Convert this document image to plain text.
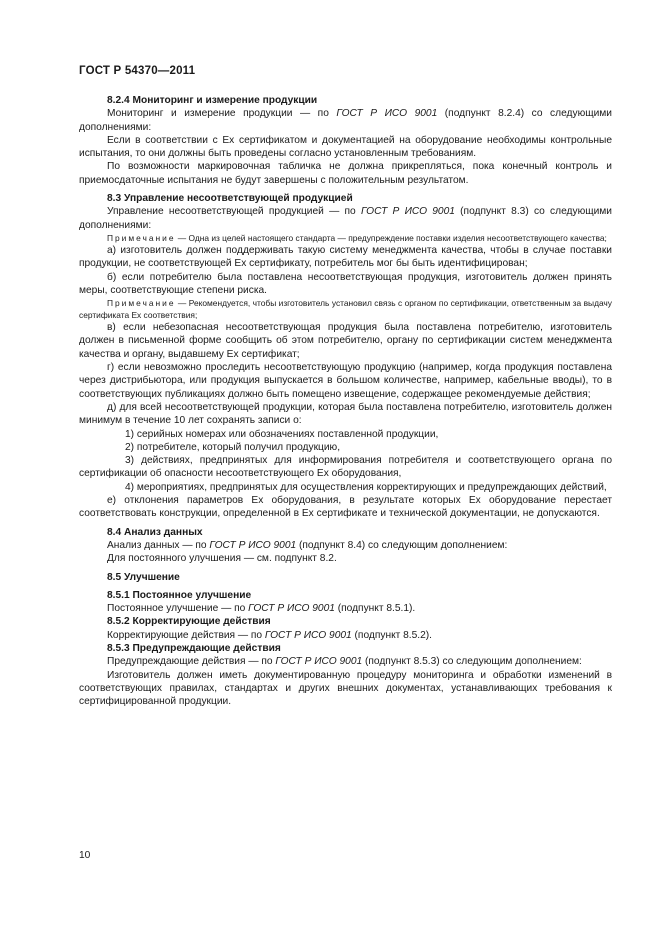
ГОСТ Р 54370—2011

8.2.4 Мониторинг и измерение продукции

Мониторинг и измерение продукции — по ГОСТ Р ИСО 9001 (подпункт 8.2.4) со следующими дополнениями:

Если в соответствии с Ex сертификатом и документацией на оборудование необходимы контрольные испытания, то они должны быть проведены согласно установленным требованиям.

По возможности маркировочная табличка не должна прикрепляться, пока конечный контроль и приемосдаточные испытания не будут завершены с положительным результатом.

8.3 Управление несоответствующей продукцией

Управление несоответствующей продукцией — по ГОСТ Р ИСО 9001 (подпункт 8.3) со следующими дополнениями:

Примечание — Одна из целей настоящего стандарта — предупреждение поставки изделия несоответствующего качества;

а) изготовитель должен поддерживать такую систему менеджмента качества, чтобы в случае поставки продукции, не соответствующей Ex сертификату, потребитель мог бы быть идентифицирован;

б) если потребителю была поставлена несоответствующая продукция, изготовитель должен принять меры, соответствующие степени риска.

Примечание — Рекомендуется, чтобы изготовитель установил связь с органом по сертификации, ответственным за выдачу сертификата Ex соответствия;

в) если небезопасная несоответствующая продукция была поставлена потребителю, изготовитель должен в письменной форме сообщить об этом потребителю, органу по сертификации систем менеджмента качества и органу, выдавшему Ex сертификат;

г) если невозможно проследить несоответствующую продукцию (например, когда продукция поставлена через дистрибьютора, или продукция выпускается в большом количестве, например, кабельные вводы), то в соответствующих публикациях должно быть помещено извещение, содержащее рекомендуемые действия;

д) для всей несоответствующей продукции, которая была поставлена потребителю, изготовитель должен минимум в течение 10 лет сохранять записи о:

1) серийных номерах или обозначениях поставленной продукции,

2) потребителе, который получил продукцию,

3) действиях, предпринятых для информирования потребителя и соответствующего органа по сертификации об опасности несоответствующего Ex оборудования,

4) мероприятиях, предпринятых для осуществления корректирующих и предупреждающих действий,

е) отклонения параметров Ex оборудования, в результате которых Ex оборудование перестает соответствовать конструкции, определенной в Ex сертификате и технической документации, не допускаются.

8.4 Анализ данных

Анализ данных — по ГОСТ Р ИСО 9001 (подпункт 8.4) со следующим дополнением:

Для постоянного улучшения — см. подпункт 8.2.

8.5 Улучшение

8.5.1 Постоянное улучшение

Постоянное улучшение — по ГОСТ Р ИСО 9001 (подпункт 8.5.1).

8.5.2 Корректирующие действия

Корректирующие действия — по ГОСТ Р ИСО 9001 (подпункт 8.5.2).

8.5.3 Предупреждающие действия

Предупреждающие действия — по ГОСТ Р ИСО 9001 (подпункт 8.5.3) со следующим дополнением:

Изготовитель должен иметь документированную процедуру мониторинга и обработки изменений в соответствующих правилах, стандартах и других внешних документах, устанавливающих требования к сертифицированной продукции.

10
